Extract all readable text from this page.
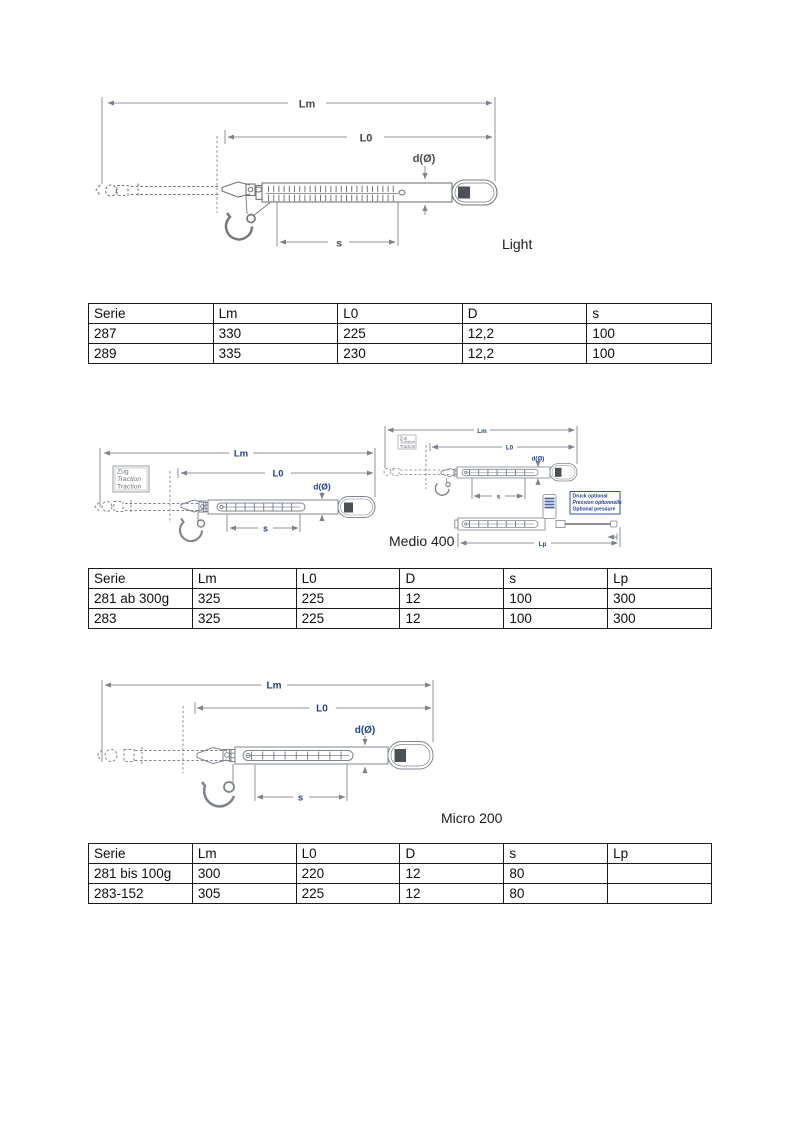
Lm
L0
d(Ø)
s	Light
Serie	Lm	L0	D	s
287	330	225	12,2	100
289	335	230	12,2	100
Lm
L0
d(Ø)
s
Zug
Traction
Traction
Lm
L0
d(Ø)
s
Lp
Zug
Traction
Traction
Druck optional
Pression optionnelle
Optional pressure
Medio 400
Serie	Lm	L0	D	s	Lp
281 ab 300g	325	225	12	100	300
283	325	225	12	100	300
Lm
L0
d(Ø)
s
Micro 200
Serie	Lm	L0	D	s	Lp
281 bis 100g	300	220	12	80	
283-152	305	225	12	80	
